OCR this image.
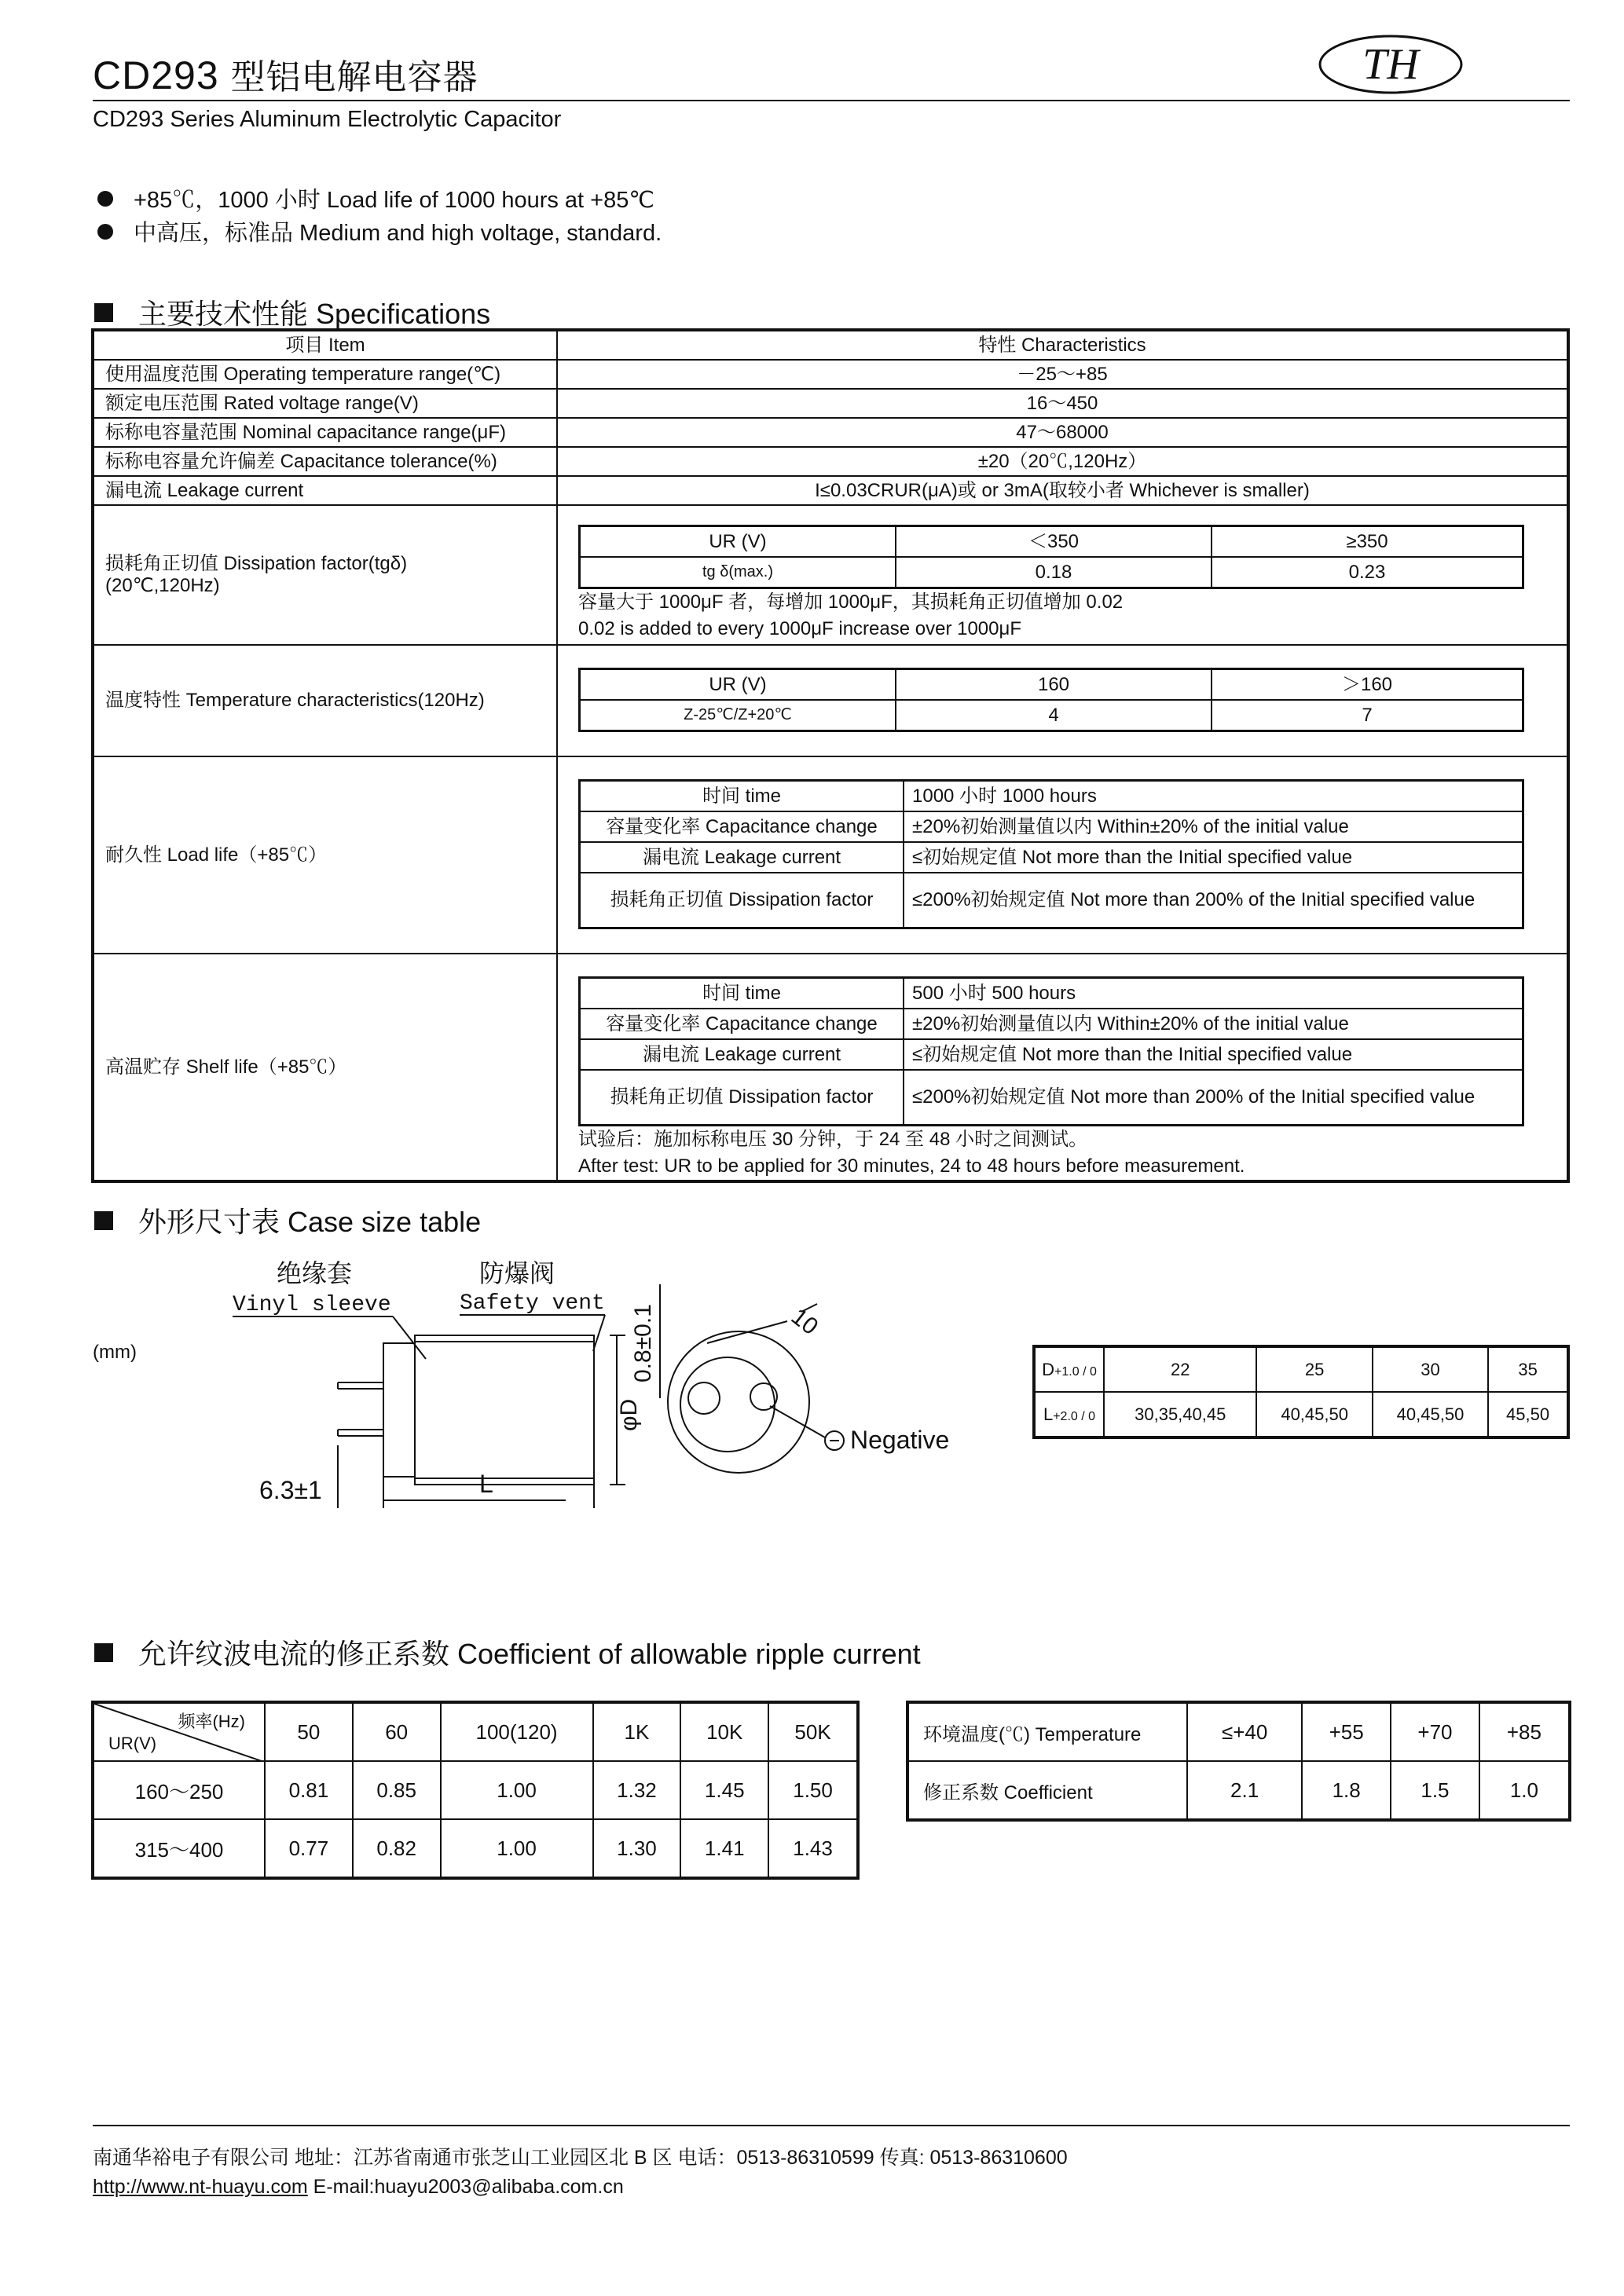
CD293 型铝电解电容器
CD293 Series Aluminum Electrolytic Capacitor
TH
+85℃，1000 小时 Load life of 1000 hours at +85℃
中高压，标准品 Medium and high voltage, standard.
主要技术性能 Specifications
项目 Item	特性 Characteristics
使用温度范围 Operating temperature range(℃)	－25～+85
额定电压范围 Rated voltage range(V)	16～450
标称电容量范围 Nominal capacitance range(μF)	47～68000
标称电容量允许偏差 Capacitance tolerance(%)	±20（20℃,120Hz）
漏电流 Leakage current	I≤0.03CRUR(μA)或 or 3mA(取较小者 Whichever is smaller)

损耗角正切值 Dissipation factor(tgδ)
(20℃,120Hz)

UR (V)	＜350	≥350
tg δ(max.)	0.18	0.23
容量大于 1000μF 者，每增加 1000μF，其损耗角正切值增加 0.02
0.02 is added to every 1000μF increase over 1000μF

温度特性 Temperature characteristics(120Hz)	
UR (V)	160	＞160
Z-25℃/Z+20℃	4	7

耐久性 Load life（+85℃）	
时间 time	1000 小时 1000 hours
容量变化率 Capacitance change	±20%初始测量值以内 Within±20% of the initial value
漏电流 Leakage current	≤初始规定值 Not more than the Initial specified value
损耗角正切值 Dissipation factor	≤200%初始规定值 Not more than 200% of the Initial specified value

高温贮存 Shelf life（+85℃）	
时间 time	500 小时 500 hours
容量变化率 Capacitance change	±20%初始测量值以内 Within±20% of the initial value
漏电流 Leakage current	≤初始规定值 Not more than the Initial specified value
损耗角正切值 Dissipation factor	≤200%初始规定值 Not more than 200% of the Initial specified value
试验后：施加标称电压 30 分钟，于 24 至 48 小时之间测试。
After test: UR to be applied for 30 minutes, 24 to 48 hours before measurement.
外形尺寸表 Case size table
(mm)
绝缘套
Vinyl sleeve
防爆阀
Safety vent
6.3±1	L
φD
0.8±0.1	10
Negative
D+1.0 / 0	22	25	30	35
L+2.0 / 0	30,35,40,45	40,45,50	40,45,50	45,50
允许纹波电流的修正系数 Coefficient of allowable ripple current
频率(Hz)
UR(V)	50	60	100(120)	1K	10K	50K
160～250	0.81	0.85	1.00	1.32	1.45	1.50
315～400	0.77	0.82	1.00	1.30	1.41	1.43
环境温度(℃) Temperature	≤+40	+55	+70	+85
修正系数 Coefficient	2.1	1.8	1.5	1.0
南通华裕电子有限公司 地址：江苏省南通市张芝山工业园区北 B 区 电话：0513-86310599 传真: 0513-86310600
http://www.nt-huayu.com E-mail:huayu2003@alibaba.com.cn
